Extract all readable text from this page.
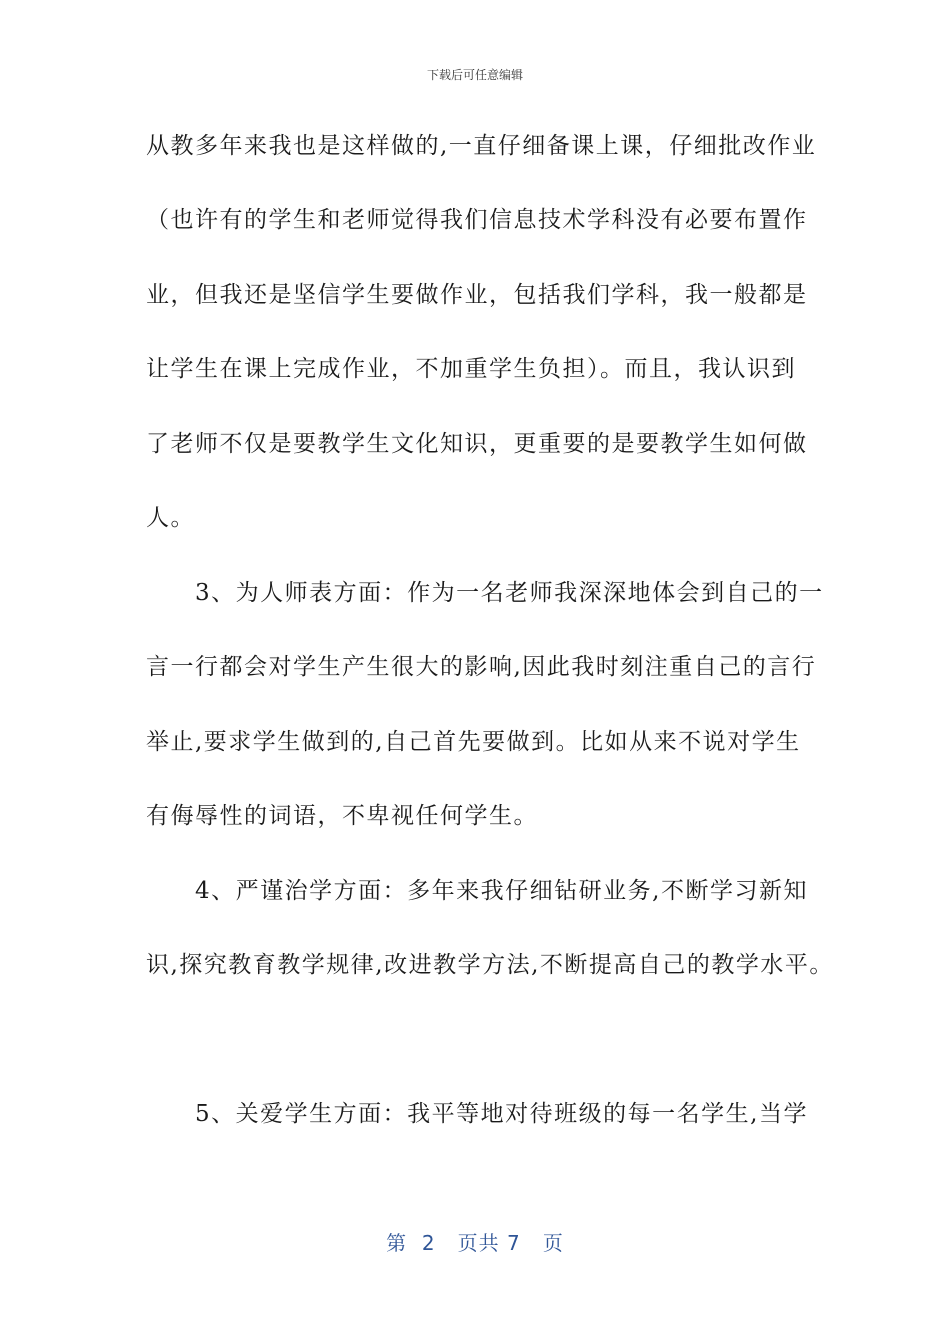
下载后可任意编辑
从教多年来我也是这样做的,一直仔细备课上课，仔细批改作业
（也许有的学生和老师觉得我们信息技术学科没有必要布置作
业，但我还是坚信学生要做作业，包括我们学科，我一般都是
让学生在课上完成作业，不加重学生负担）。而且，我认识到
了老师不仅是要教学生文化知识，更重要的是要教学生如何做
人。
　　3、为人师表方面：作为一名老师我深深地体会到自己的一
言一行都会对学生产生很大的影响,因此我时刻注重自己的言行
举止,要求学生做到的,自己首先要做到。比如从来不说对学生
有侮辱性的词语，不卑视任何学生。
　　4、严谨治学方面：多年来我仔细钻研业务,不断学习新知
识,探究教育教学规律,改进教学方法,不断提高自己的教学水平。
　　5、关爱学生方面：我平等地对待班级的每一名学生,当学
第  2   页共 7   页
